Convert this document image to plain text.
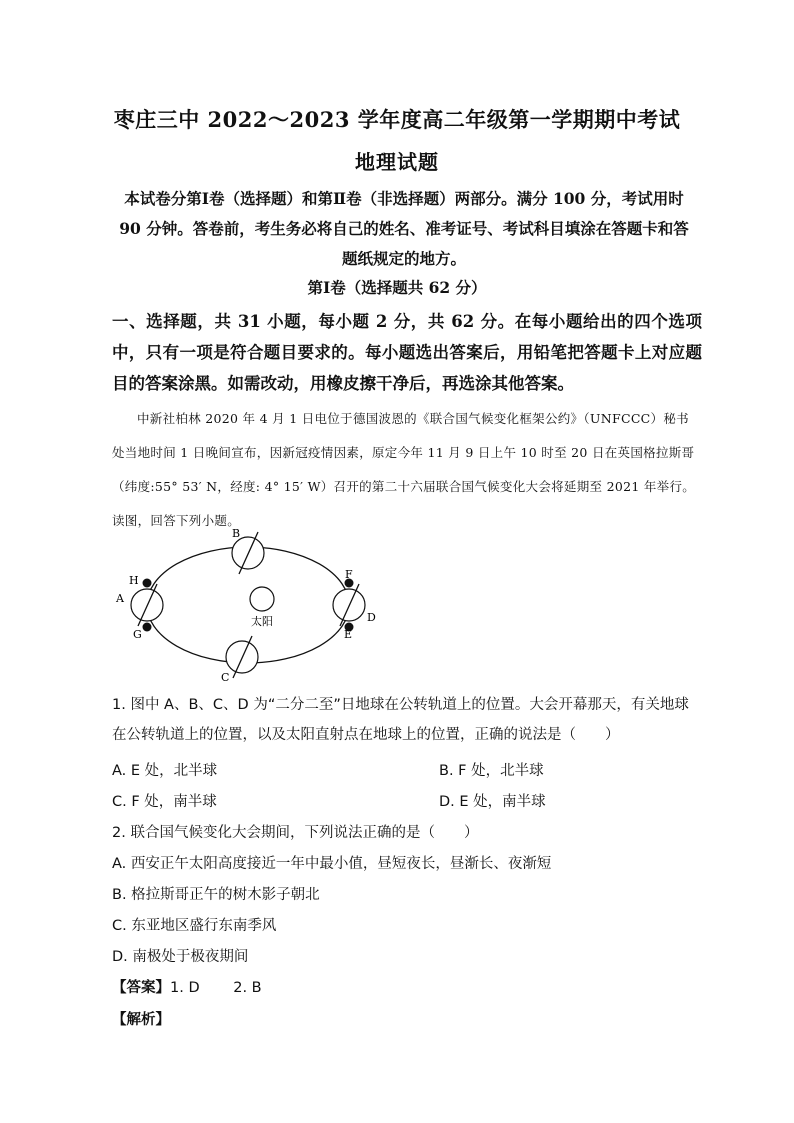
枣庄三中 2022～2023 学年度高二年级第一学期期中考试
地理试题
本试卷分第Ⅰ卷（选择题）和第Ⅱ卷（非选择题）两部分。满分 100 分，考试用时 90 分钟。答卷前，考生务必将自己的姓名、准考证号、考试科目填涂在答题卡和答题纸规定的地方。
第Ⅰ卷（选择题共 62 分）
一、选择题，共 31 小题，每小题 2 分，共 62 分。在每小题给出的四个选项中，只有一项是符合题目要求的。每小题选出答案后，用铅笔把答题卡上对应题目的答案涂黑。如需改动，用橡皮擦干净后，再选涂其他答案。
中新社柏林 2020 年 4 月 1 日电位于德国波恩的《联合国气候变化框架公约》（UNFCCC）秘书处当地时间 1 日晚间宣布，因新冠疫情因素，原定今年 11 月 9 日上午 10 时至 20 日在英国格拉斯哥（纬度:55° 53′ N，经度: 4° 15′ W）召开的第二十六届联合国气候变化大会将延期至 2021 年举行。读图，回答下列小题。
太阳
B
A
D
C
H
G
F
E
1. 图中 A、B、C、D 为“二分二至”日地球在公转轨道上的位置。大会开幕那天，有关地球在公转轨道上的位置，以及太阳直射点在地球上的位置，正确的说法是（　　）
A. E 处，北半球	B. F 处，北半球
C. F 处，南半球	D. E 处，南半球
2. 联合国气候变化大会期间，下列说法正确的是（　　）
A. 西安正午太阳高度接近一年中最小值，昼短夜长，昼渐长、夜渐短
B. 格拉斯哥正午的树木影子朝北
C. 东亚地区盛行东南季风
D. 南极处于极夜期间
【答案】1. D　　 2. B
【解析】
